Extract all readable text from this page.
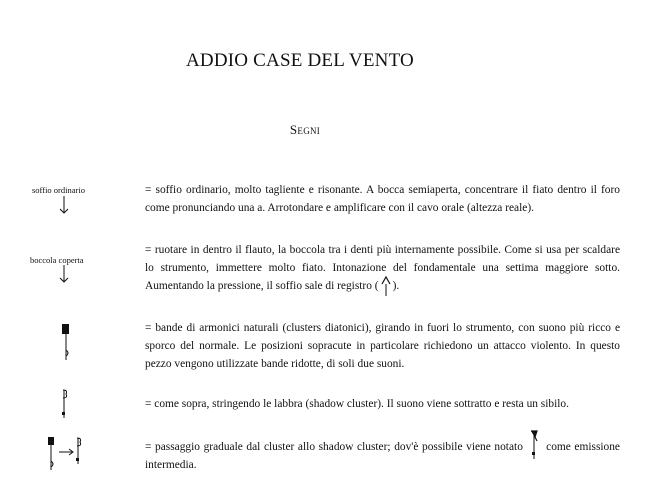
ADDIO CASE DEL VENTO
Segni
soffio ordinario	= soffio ordinario, molto tagliente e risonante. A bocca semiaperta, concentrare il fiato dentro il foro come pronunciando una a. Arrotondare e amplificare con il cavo orale (altezza reale).
boccola coperta
= ruotare in dentro il flauto, la boccola tra i denti più internamente possibile. Come si usa per scaldare lo strumento, immettere molto fiato. Intonazione del fondamentale una settima maggiore sotto. Aumentando la pressione, il soffio sale di registro ( ).
= bande di armonici naturali (clusters diatonici), girando in fuori lo strumento, con suono più ricco e sporco del normale. Le posizioni sopracute in particolare richiedono un attacco violento. In questo pezzo vengono utilizzate bande ridotte, di soli due suoni.
= come sopra, stringendo le labbra (shadow cluster). Il suono viene sottratto e resta un sibilo.
= passaggio graduale dal cluster allo shadow cluster; dov'è possibile viene notato come emissione intermedia.
